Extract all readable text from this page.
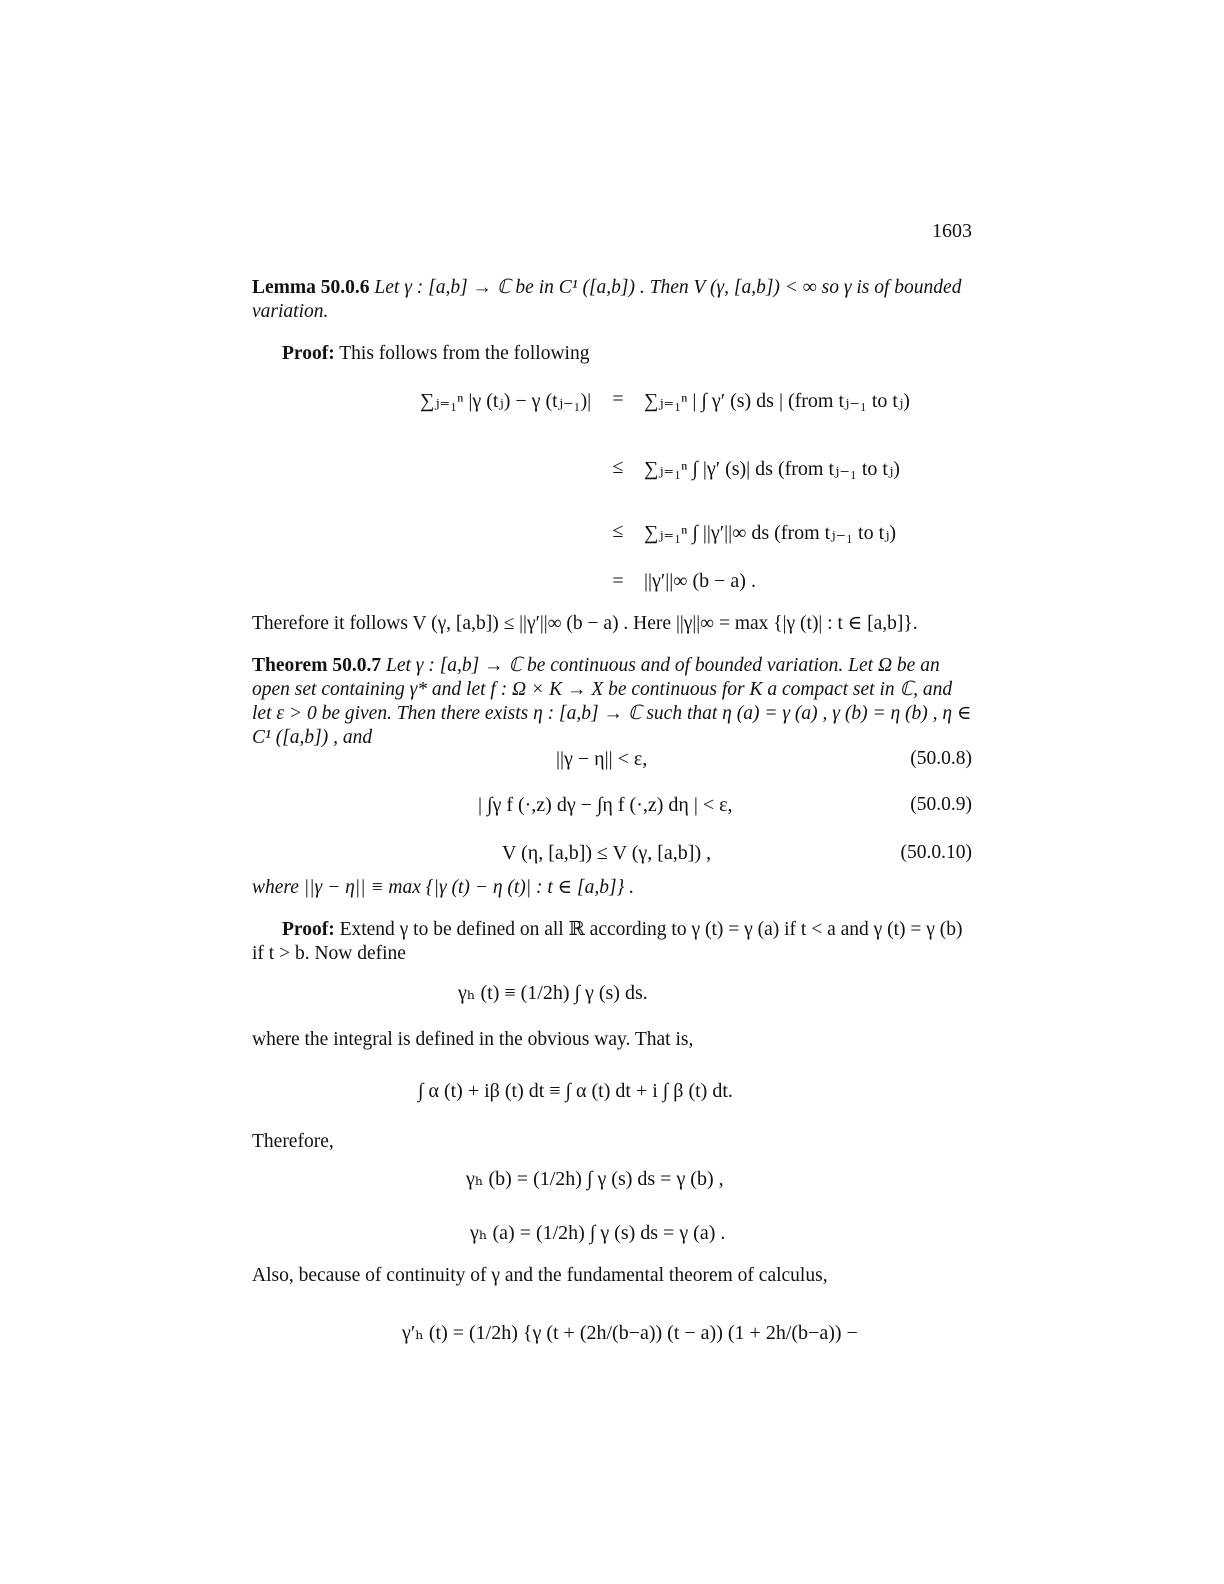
1603
Lemma 50.0.6 Let γ : [a,b] → ℂ be in C¹ ([a,b]) . Then V (γ, [a,b]) < ∞ so γ is of bounded variation.
Proof: This follows from the following
∑ⱼ₌₁ⁿ |γ (tⱼ) − γ (tⱼ₋₁)|	=	∑ⱼ₌₁ⁿ | ∫ γ′ (s) ds | (from tⱼ₋₁ to tⱼ)
≤	∑ⱼ₌₁ⁿ ∫ |γ′ (s)| ds (from tⱼ₋₁ to tⱼ)
≤	∑ⱼ₌₁ⁿ ∫ ||γ′||∞ ds (from tⱼ₋₁ to tⱼ)
=	||γ′||∞ (b − a) .
Therefore it follows V (γ, [a,b]) ≤ ||γ′||∞ (b − a) . Here ||γ||∞ = max {|γ (t)| : t ∈ [a,b]}.
Theorem 50.0.7 Let γ : [a,b] → ℂ be continuous and of bounded variation. Let Ω be an open set containing γ* and let f : Ω × K → X be continuous for K a compact set in ℂ, and let ε > 0 be given. Then there exists η : [a,b] → ℂ such that η (a) = γ (a) , γ (b) = η (b) , η ∈ C¹ ([a,b]) , and
||γ − η|| < ε,	(50.0.8)
| ∫γ f (·,z) dγ − ∫η f (·,z) dη | < ε,	(50.0.9)
V (η, [a,b]) ≤ V (γ, [a,b]) ,	(50.0.10)
where ||γ − η|| ≡ max {|γ (t) − η (t)| : t ∈ [a,b]} .
Proof: Extend γ to be defined on all ℝ according to γ (t) = γ (a) if t < a and γ (t) = γ (b) if t > b. Now define
γₕ (t) ≡ (1/2h) ∫ γ (s) ds.
where the integral is defined in the obvious way. That is,
∫ α (t) + iβ (t) dt ≡ ∫ α (t) dt + i ∫ β (t) dt.
Therefore,
γₕ (b) = (1/2h) ∫ γ (s) ds = γ (b) ,
γₕ (a) = (1/2h) ∫ γ (s) ds = γ (a) .
Also, because of continuity of γ and the fundamental theorem of calculus,
γ′ₕ (t) = (1/2h) {γ (t + (2h/(b−a)) (t − a)) (1 + 2h/(b−a)) −
